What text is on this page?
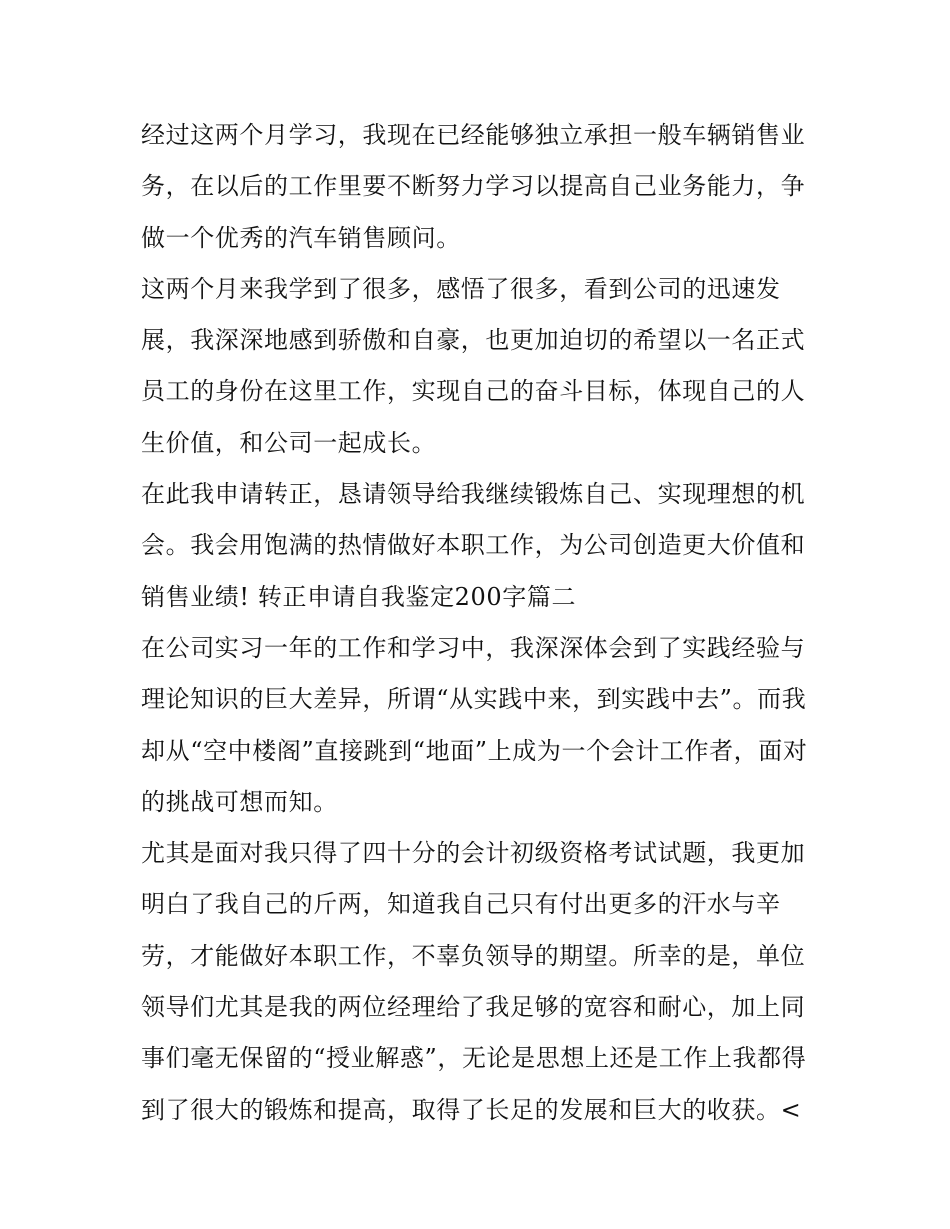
经过这两个月学习，我现在已经能够独立承担一般车辆销售业
务，在以后的工作里要不断努力学习以提高自己业务能力，争
做一个优秀的汽车销售顾问。
这两个月来我学到了很多，感悟了很多，看到公司的迅速发
展，我深深地感到骄傲和自豪，也更加迫切的希望以一名正式
员工的身份在这里工作，实现自己的奋斗目标，体现自己的人
生价值，和公司一起成长。
在此我申请转正，恳请领导给我继续锻炼自己、实现理想的机
会。我会用饱满的热情做好本职工作，为公司创造更大价值和
销售业绩! 转正申请自我鉴定200字篇二
在公司实习一年的工作和学习中，我深深体会到了实践经验与
理论知识的巨大差异，所谓“从实践中来，到实践中去”。而我
却从“空中楼阁”直接跳到“地面”上成为一个会计工作者，面对
的挑战可想而知。
尤其是面对我只得了四十分的会计初级资格考试试题，我更加
明白了我自己的斤两，知道我自己只有付出更多的汗水与辛
劳，才能做好本职工作，不辜负领导的期望。所幸的是，单位
领导们尤其是我的两位经理给了我足够的宽容和耐心，加上同
事们毫无保留的“授业解惑”，无论是思想上还是工作上我都得
到了很大的锻炼和提高，取得了长足的发展和巨大的收获。<
